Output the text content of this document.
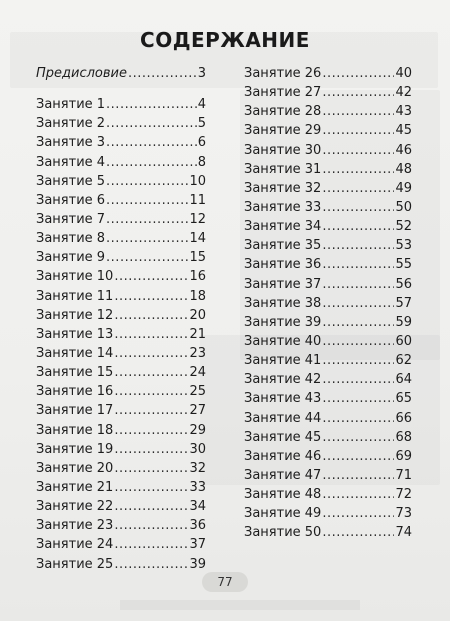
СОДЕРЖАНИЕ
Предисловие .....	3
Занятие 1 .....	4
Занятие 2 .....	5
Занятие 3 .....	6
Занятие 4 .....	8
Занятие 5 .....	10
Занятие 6 .....	11
Занятие 7 .....	12
Занятие 8 .....	14
Занятие 9 .....	15
Занятие 10 .....	16
Занятие 11 .....	18
Занятие 12 .....	20
Занятие 13 .....	21
Занятие 14 .....	23
Занятие 15 .....	24
Занятие 16 .....	25
Занятие 17 .....	27
Занятие 18 .....	29
Занятие 19 .....	30
Занятие 20 .....	32
Занятие 21 .....	33
Занятие 22 .....	34
Занятие 23 .....	36
Занятие 24 .....	37
Занятие 25 .....	39
Занятие 26 .....	40
Занятие 27 .....	42
Занятие 28 .....	43
Занятие 29 .....	45
Занятие 30 .....	46
Занятие 31 .....	48
Занятие 32 .....	49
Занятие 33 .....	50
Занятие 34 .....	52
Занятие 35 .....	53
Занятие 36 .....	55
Занятие 37 .....	56
Занятие 38 .....	57
Занятие 39 .....	59
Занятие 40 .....	60
Занятие 41 .....	62
Занятие 42 .....	64
Занятие 43 .....	65
Занятие 44 .....	66
Занятие 45 .....	68
Занятие 46 .....	69
Занятие 47 .....	71
Занятие 48 .....	72
Занятие 49 .....	73
Занятие 50 .....	74
77
